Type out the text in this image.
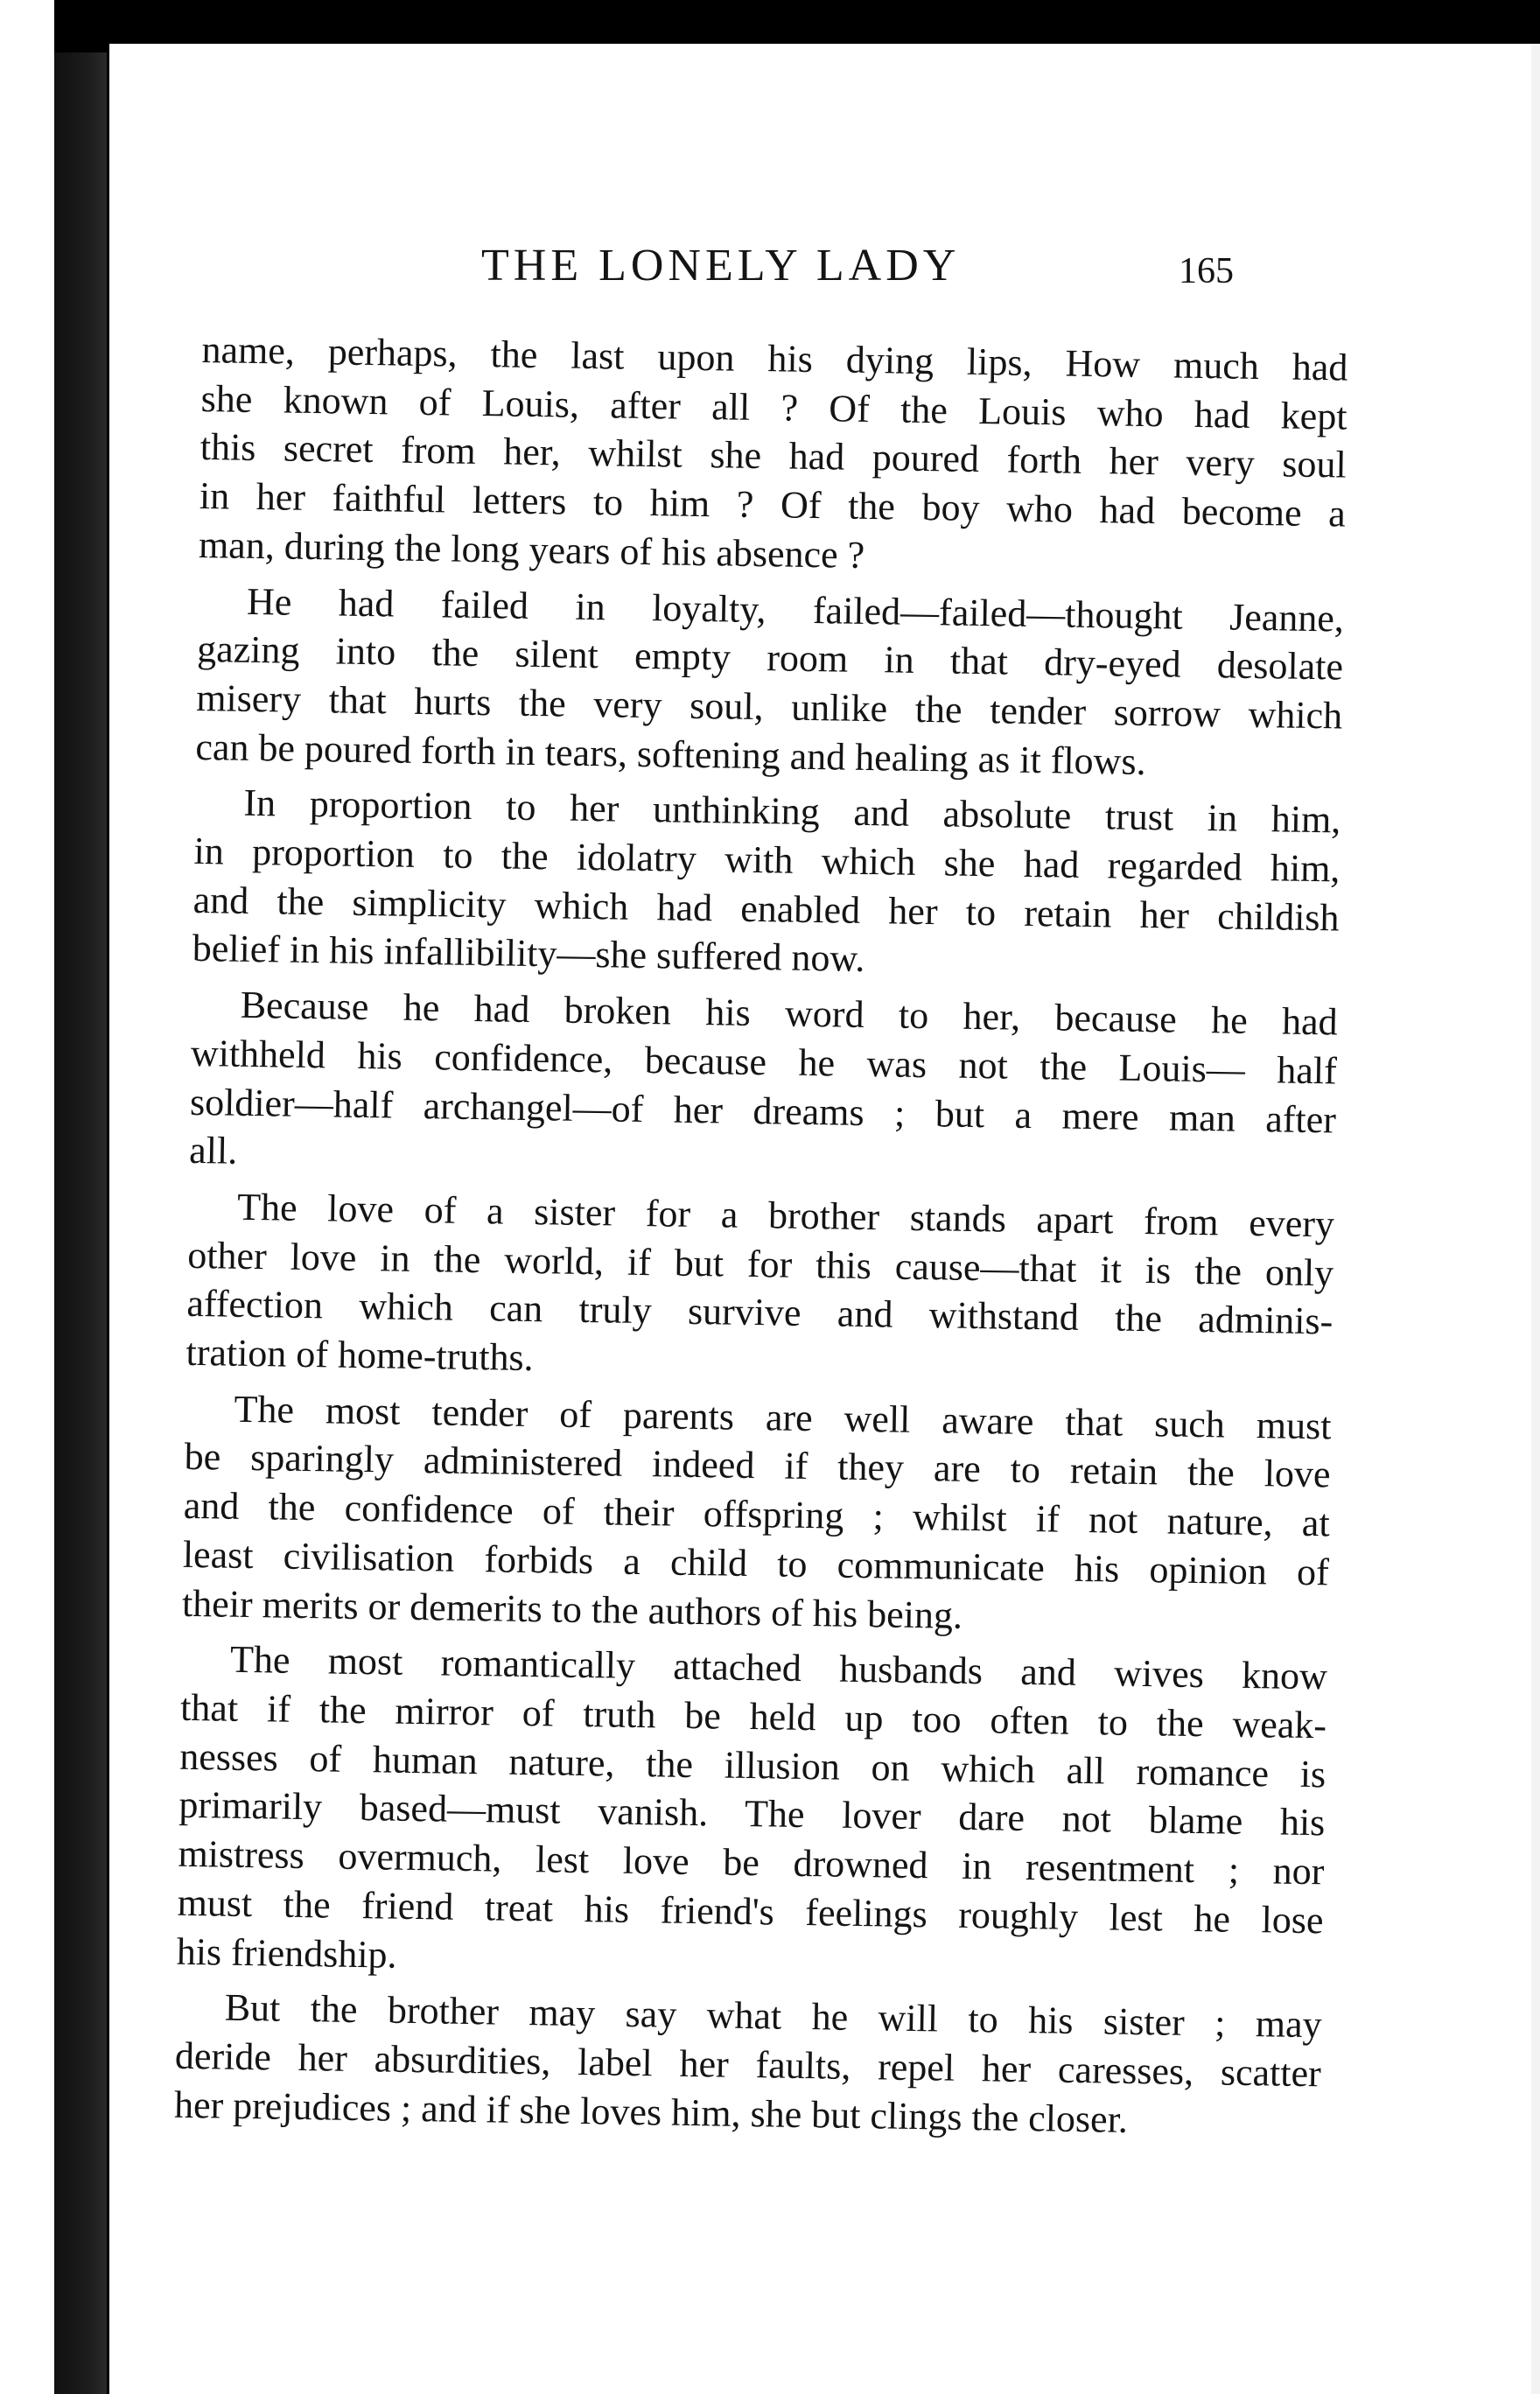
THE LONELY LADY	165
name, perhaps, the last upon his dying lips, How much had
she known of Louis, after all ? Of the Louis who had kept
this secret from her, whilst she had poured forth her very soul
in her faithful letters to him ? Of the boy who had become a
man, during the long years of his absence ?
He had failed in loyalty, failed—failed—thought Jeanne,
gazing into the silent empty room in that dry-eyed desolate
misery that hurts the very soul, unlike the tender sorrow which
can be poured forth in tears, softening and healing as it flows.
In proportion to her unthinking and absolute trust in him,
in proportion to the idolatry with which she had regarded him,
and the simplicity which had enabled her to retain her childish
belief in his infallibility—she suffered now.
Because he had broken his word to her, because he had
withheld his confidence, because he was not the Louis— half
soldier—half archangel—of her dreams ; but a mere man after
all.
The love of a sister for a brother stands apart from every
other love in the world, if but for this cause—that it is the only
affection which can truly survive and withstand the adminis-
tration of home-truths.
The most tender of parents are well aware that such must
be sparingly administered indeed if they are to retain the love
and the confidence of their offspring ; whilst if not nature, at
least civilisation forbids a child to communicate his opinion of
their merits or demerits to the authors of his being.
The most romantically attached husbands and wives know
that if the mirror of truth be held up too often to the weak-
nesses of human nature, the illusion on which all romance is
primarily based—must vanish. The lover dare not blame his
mistress overmuch, lest love be drowned in resentment ; nor
must the friend treat his friend's feelings roughly lest he lose
his friendship.
But the brother may say what he will to his sister ; may
deride her absurdities, label her faults, repel her caresses, scatter
her prejudices ; and if she loves him, she but clings the closer.
